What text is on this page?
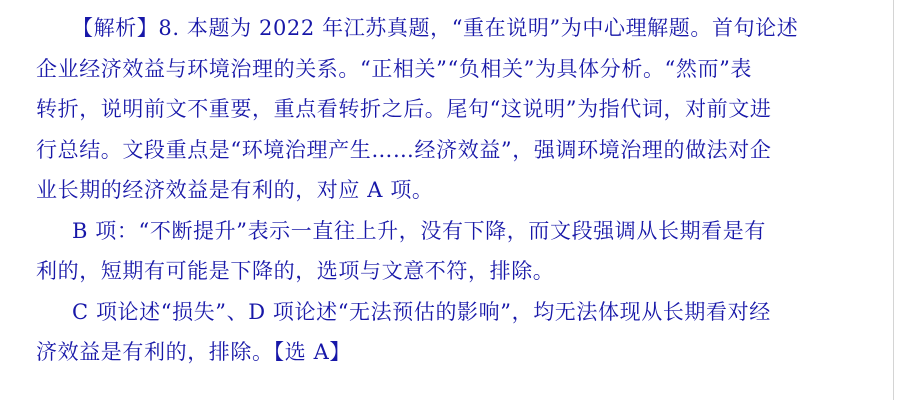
【解析】8. 本题为 2022 年江苏真题，“重在说明”为中心理解题。首句论述
企业经济效益与环境治理的关系。“正相关”“负相关”为具体分析。“然而”表
转折，说明前文不重要，重点看转折之后。尾句“这说明”为指代词，对前文进
行总结。文段重点是“环境治理产生……经济效益”，强调环境治理的做法对企
业长期的经济效益是有利的，对应 A 项。
B 项：“不断提升”表示一直往上升，没有下降，而文段强调从长期看是有
利的，短期有可能是下降的，选项与文意不符，排除。
C 项论述“损失”、D 项论述“无法预估的影响”，均无法体现从长期看对经
济效益是有利的，排除。【选 A】
